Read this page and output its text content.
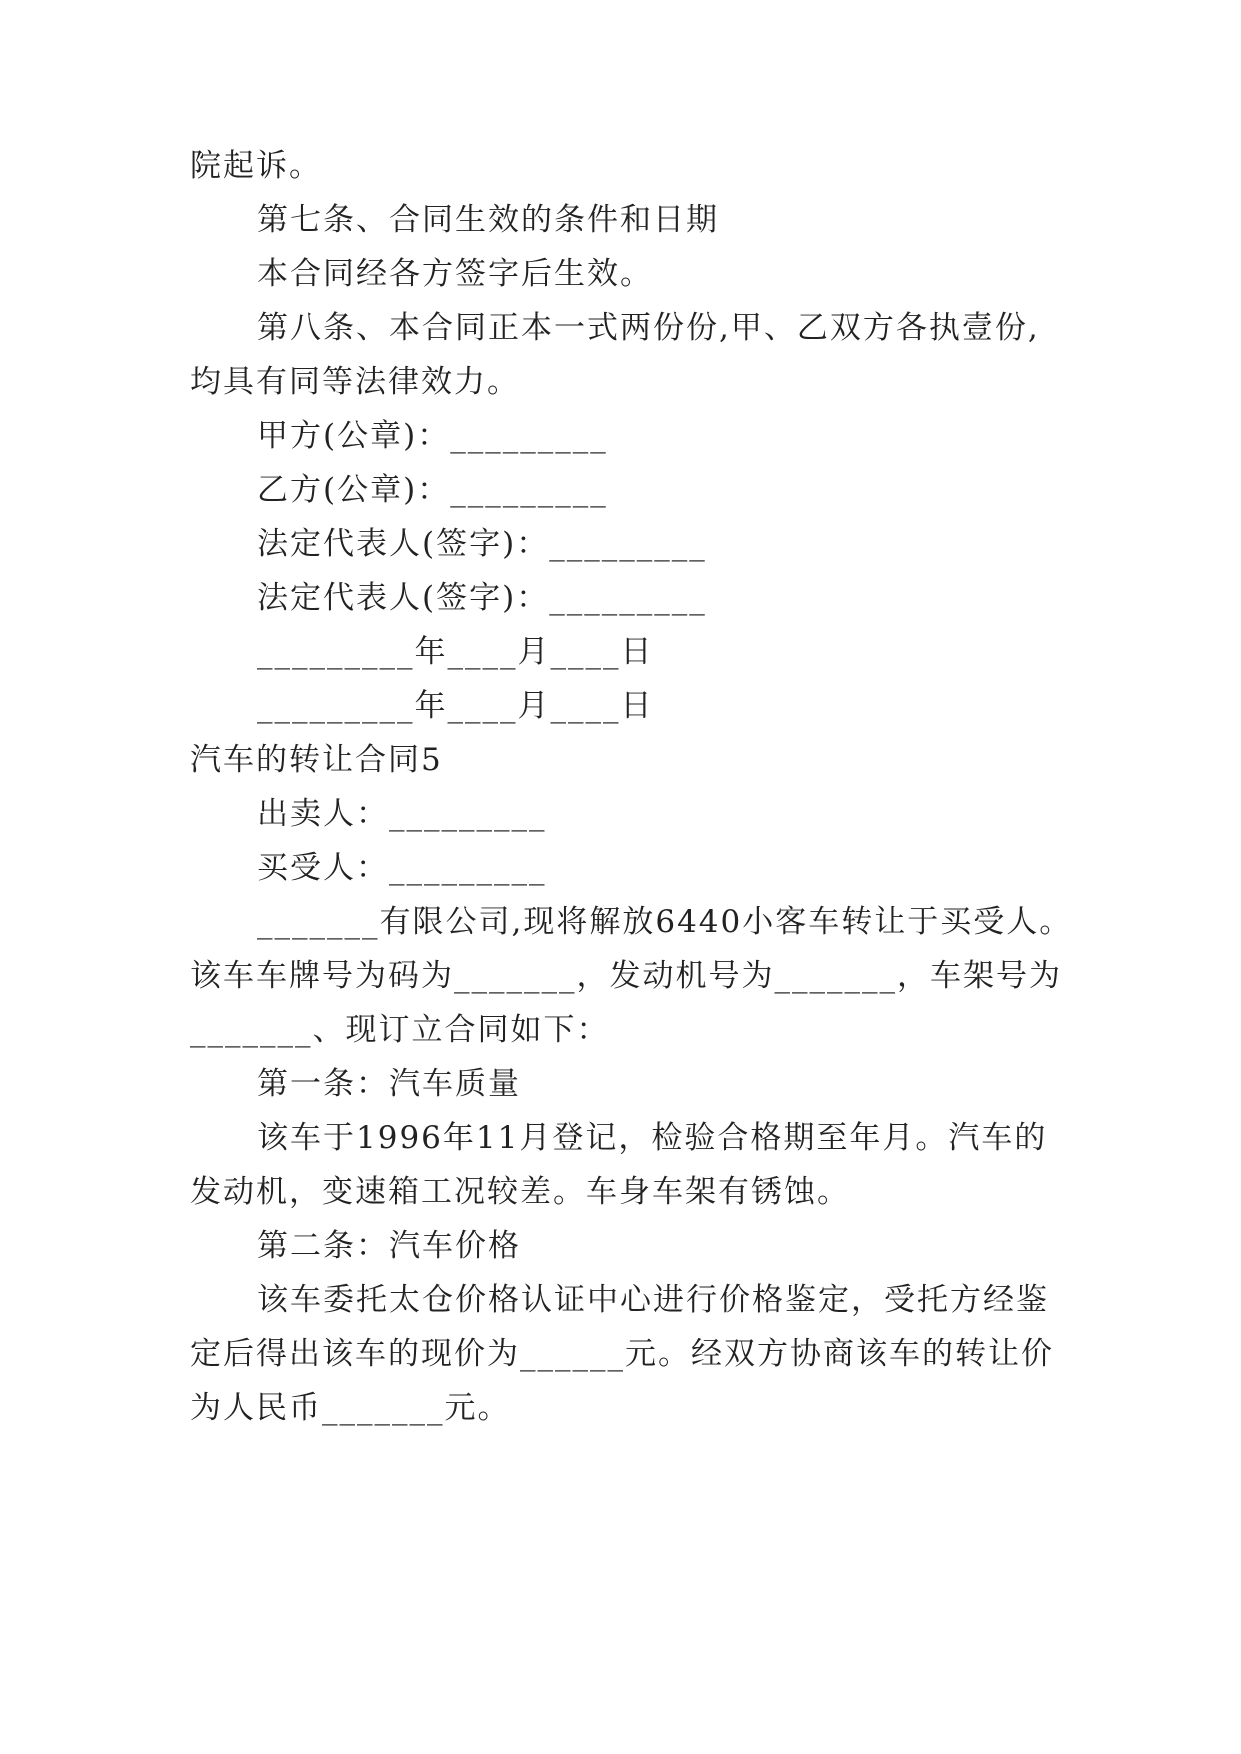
院起诉。
第七条、合同生效的条件和日期
本合同经各方签字后生效。
第八条、本合同正本一式两份份,甲、乙双方各执壹份,
均具有同等法律效力。
甲方(公章)：_________
乙方(公章)：_________
法定代表人(签字)：_________
法定代表人(签字)：_________
_________年____月____日
_________年____月____日
汽车的转让合同5
出卖人：_________
买受人：_________
_______有限公司,现将解放6440小客车转让于买受人。
该车车牌号为码为_______，发动机号为_______，车架号为
_______、现订立合同如下：
第一条：汽车质量
该车于1996年11月登记，检验合格期至年月。汽车的
发动机，变速箱工况较差。车身车架有锈蚀。
第二条：汽车价格
该车委托太仓价格认证中心进行价格鉴定，受托方经鉴
定后得出该车的现价为______元。经双方协商该车的转让价
为人民币_______元。
